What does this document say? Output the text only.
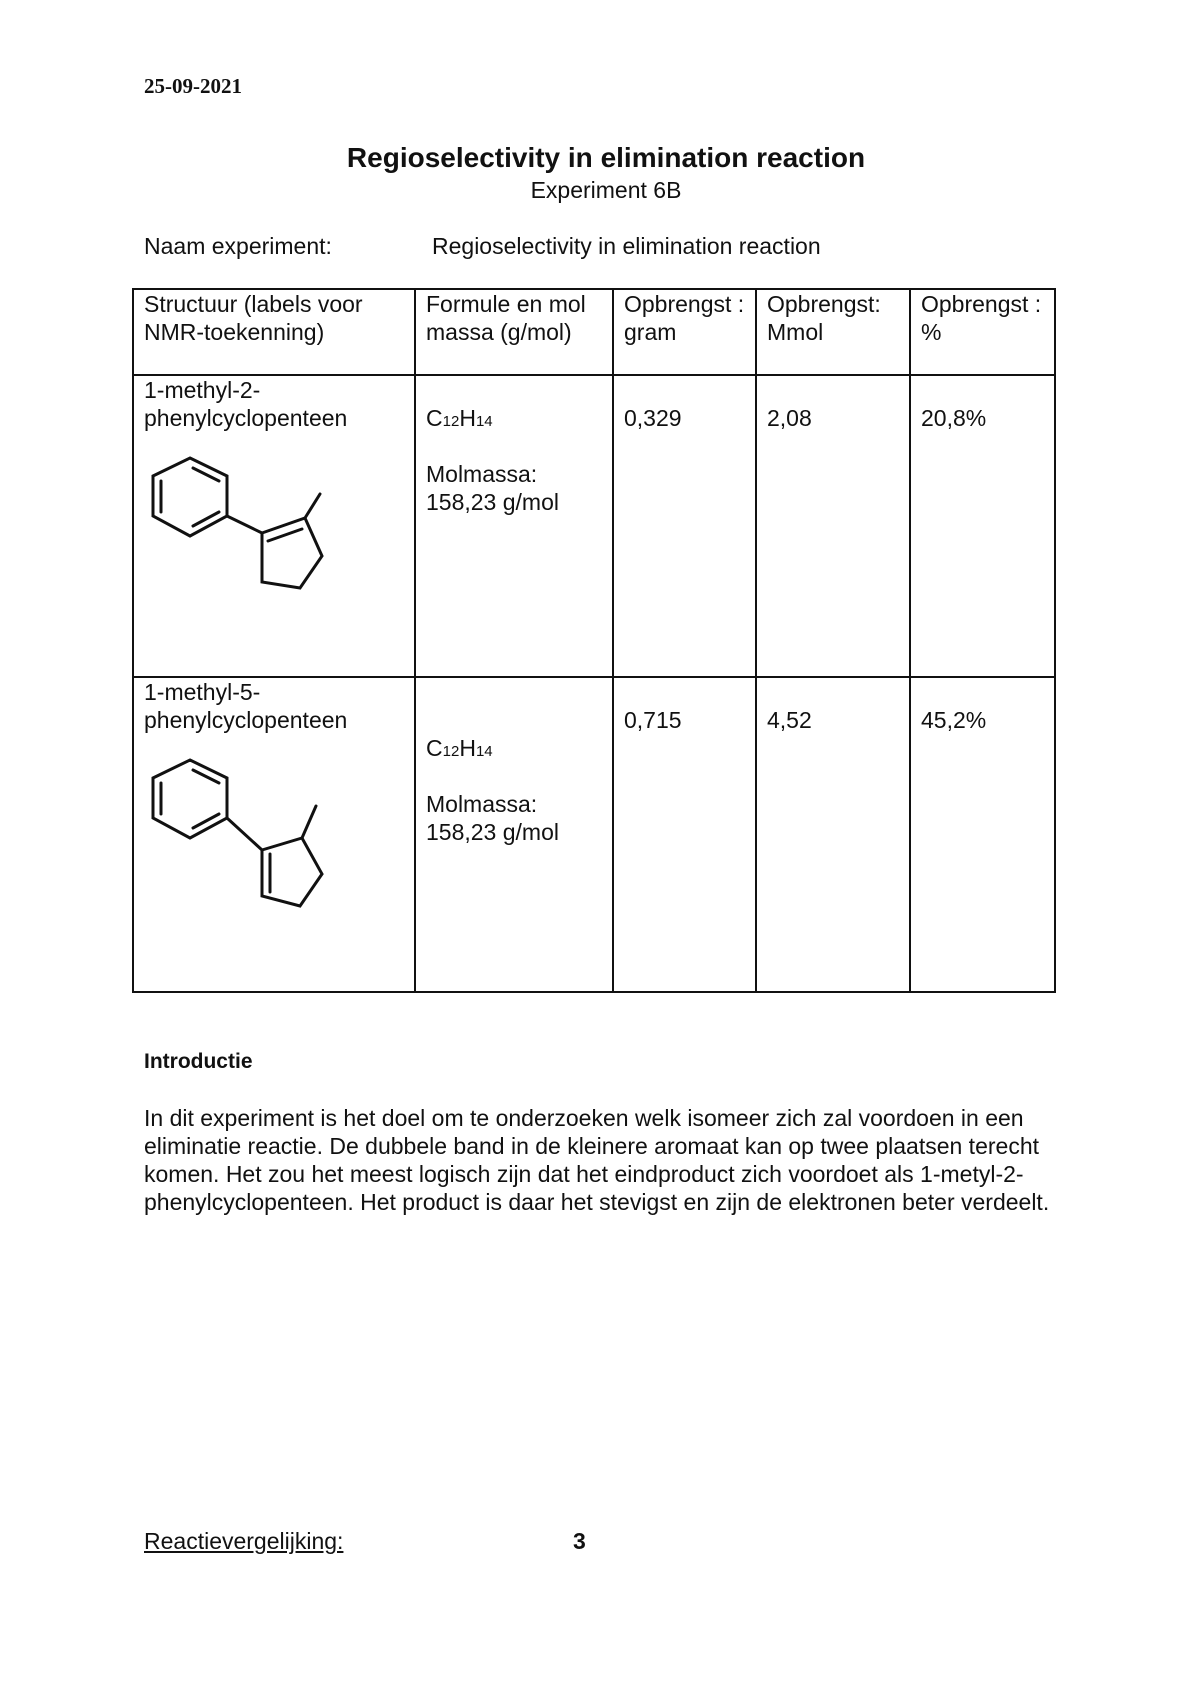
25-09-2021
Regioselectivity in elimination reaction
Experiment 6B
Naam experiment:	Regioselectivity in elimination reaction
Structuur (labels voor NMR-toekenning)	Formule en mol massa (g/mol)	Opbrengst : gram	Opbrengst: Mmol	Opbrengst : %

1-methyl-2-phenylcyclopenteen	C12H14
Molmassa:
158,23 g/mol	0,329	2,08	20,8%

1-methyl-5-phenylcyclopenteen	C12H14
Molmassa:
158,23 g/mol	0,715	4,52	45,2%
Introductie
In dit experiment is het doel om te onderzoeken welk isomeer zich zal voordoen in een eliminatie reactie. De dubbele band in de kleinere aromaat kan op twee plaatsen terecht komen. Het zou het meest logisch zijn dat het eindproduct zich voordoet als 1-metyl-2-phenylcyclopenteen. Het product is daar het stevigst en zijn de elektronen beter verdeelt.
Reactievergelijking:	3
